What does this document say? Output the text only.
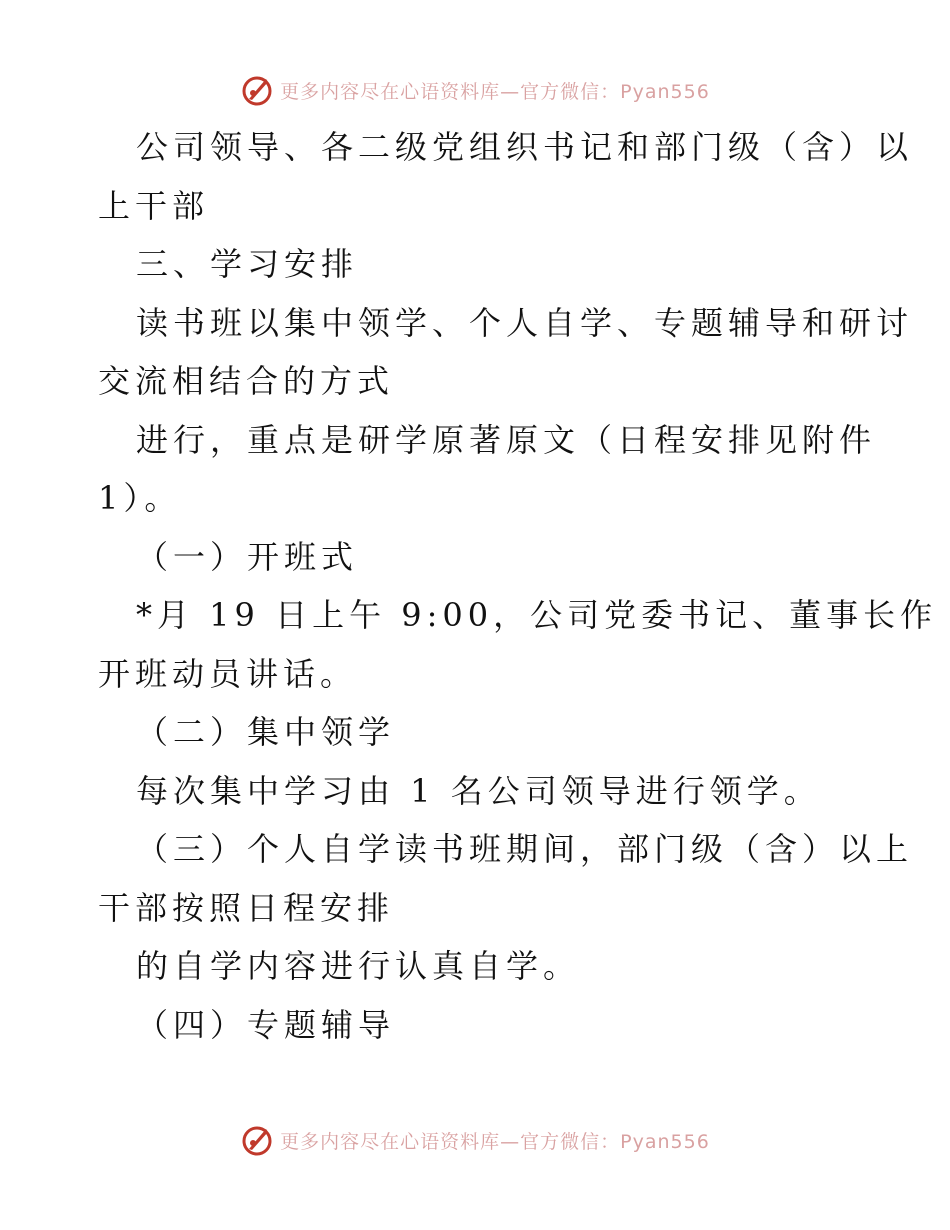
更多内容尽在心语资料库—官方微信：Pyan556
公司领导、各二级党组织书记和部门级（含）以
上干部
三、学习安排
读书班以集中领学、个人自学、专题辅导和研讨
交流相结合的方式
进行，重点是研学原著原文（日程安排见附件
1）。
（一）开班式
*月 19 日上午 9:00，公司党委书记、董事长作
开班动员讲话。
（二）集中领学
每次集中学习由 1 名公司领导进行领学。
（三）个人自学读书班期间，部门级（含）以上
干部按照日程安排
的自学内容进行认真自学。
（四）专题辅导
更多内容尽在心语资料库—官方微信：Pyan556
